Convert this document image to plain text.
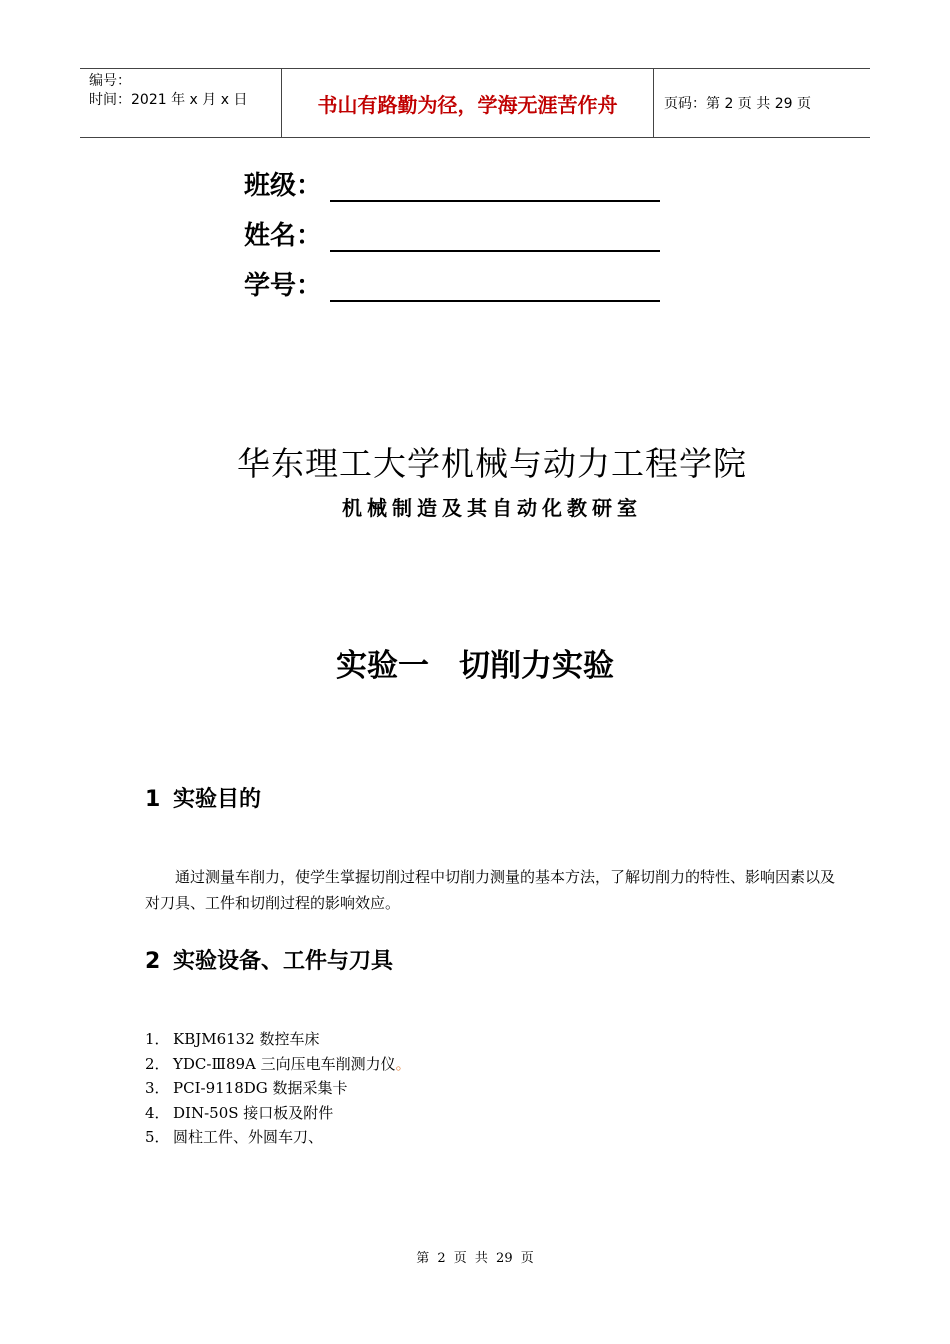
编号：
时间：2021 年 x 月 x 日	书山有路勤为径，学海无涯苦作舟	页码：第 2 页 共 29 页
班级：
姓名：
学号：
华东理工大学机械与动力工程学院
机械制造及其自动化教研室
实验一 切削力实验
1 实验目的
通过测量车削力，使学生掌握切削过程中切削力测量的基本方法，了解切削力的特性、影响因素以及对刀具、工件和切削过程的影响效应。
2 实验设备、工件与刀具
1． KBJM6132 数控车床
2． YDC-Ⅲ89A 三向压电车削测力仪 。
3． PCI-9118DG 数据采集卡
4． DIN-50S 接口板及附件
5． 圆柱工件、外圆车刀、
第 2 页 共 29 页
